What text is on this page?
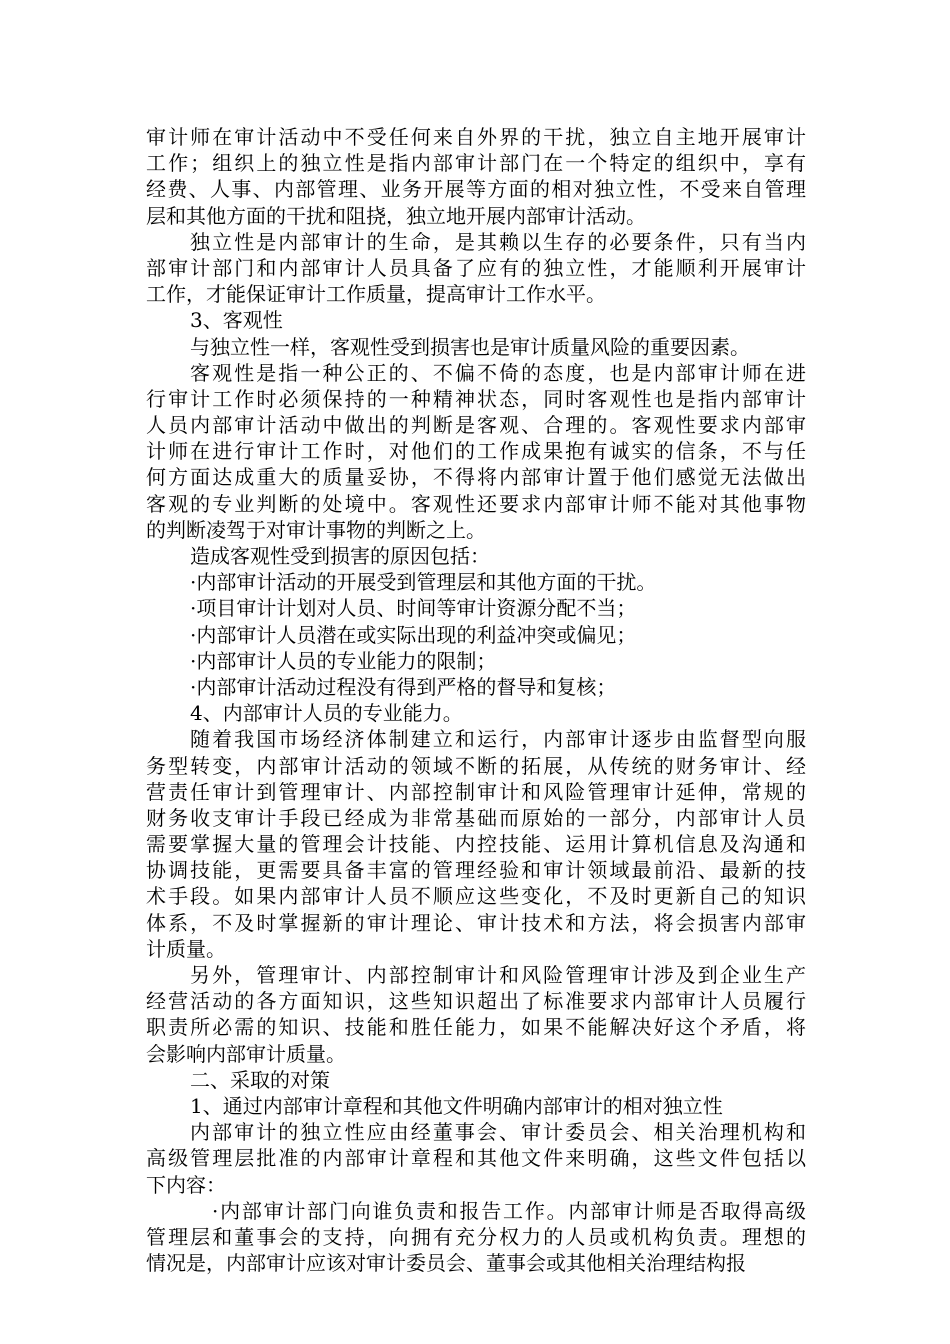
审计师在审计活动中不受任何来自外界的干扰，独立自主地开展审计
工作；组织上的独立性是指内部审计部门在一个特定的组织中，享有
经费、人事、内部管理、业务开展等方面的相对独立性，不受来自管理
层和其他方面的干扰和阻挠，独立地开展内部审计活动。
独立性是内部审计的生命，是其赖以生存的必要条件，只有当内
部审计部门和内部审计人员具备了应有的独立性，才能顺利开展审计
工作，才能保证审计工作质量，提高审计工作水平。
3、客观性
与独立性一样，客观性受到损害也是审计质量风险的重要因素。
客观性是指一种公正的、不偏不倚的态度，也是内部审计师在进
行审计工作时必须保持的一种精神状态，同时客观性也是指内部审计
人员内部审计活动中做出的判断是客观、合理的。客观性要求内部审
计师在进行审计工作时，对他们的工作成果抱有诚实的信条，不与任
何方面达成重大的质量妥协，不得将内部审计置于他们感觉无法做出
客观的专业判断的处境中。客观性还要求内部审计师不能对其他事物
的判断凌驾于对审计事物的判断之上。
造成客观性受到损害的原因包括：
·内部审计活动的开展受到管理层和其他方面的干扰。
·项目审计计划对人员、时间等审计资源分配不当；
·内部审计人员潜在或实际出现的利益冲突或偏见；
·内部审计人员的专业能力的限制；
·内部审计活动过程没有得到严格的督导和复核；
4、内部审计人员的专业能力。
随着我国市场经济体制建立和运行，内部审计逐步由监督型向服
务型转变，内部审计活动的领域不断的拓展，从传统的财务审计、经
营责任审计到管理审计、内部控制审计和风险管理审计延伸，常规的
财务收支审计手段已经成为非常基础而原始的一部分，内部审计人员
需要掌握大量的管理会计技能、内控技能、运用计算机信息及沟通和
协调技能，更需要具备丰富的管理经验和审计领域最前沿、最新的技
术手段。如果内部审计人员不顺应这些变化，不及时更新自己的知识
体系，不及时掌握新的审计理论、审计技术和方法，将会损害内部审
计质量。
另外，管理审计、内部控制审计和风险管理审计涉及到企业生产
经营活动的各方面知识，这些知识超出了标准要求内部审计人员履行
职责所必需的知识、技能和胜任能力，如果不能解决好这个矛盾，将
会影响内部审计质量。
二、采取的对策
1、通过内部审计章程和其他文件明确内部审计的相对独立性
内部审计的独立性应由经董事会、审计委员会、相关治理机构和
高级管理层批准的内部审计章程和其他文件来明确，这些文件包括以
下内容：
·内部审计部门向谁负责和报告工作。内部审计师是否取得高级
管理层和董事会的支持，向拥有充分权力的人员或机构负责。理想的
情况是，内部审计应该对审计委员会、董事会或其他相关治理结构报
